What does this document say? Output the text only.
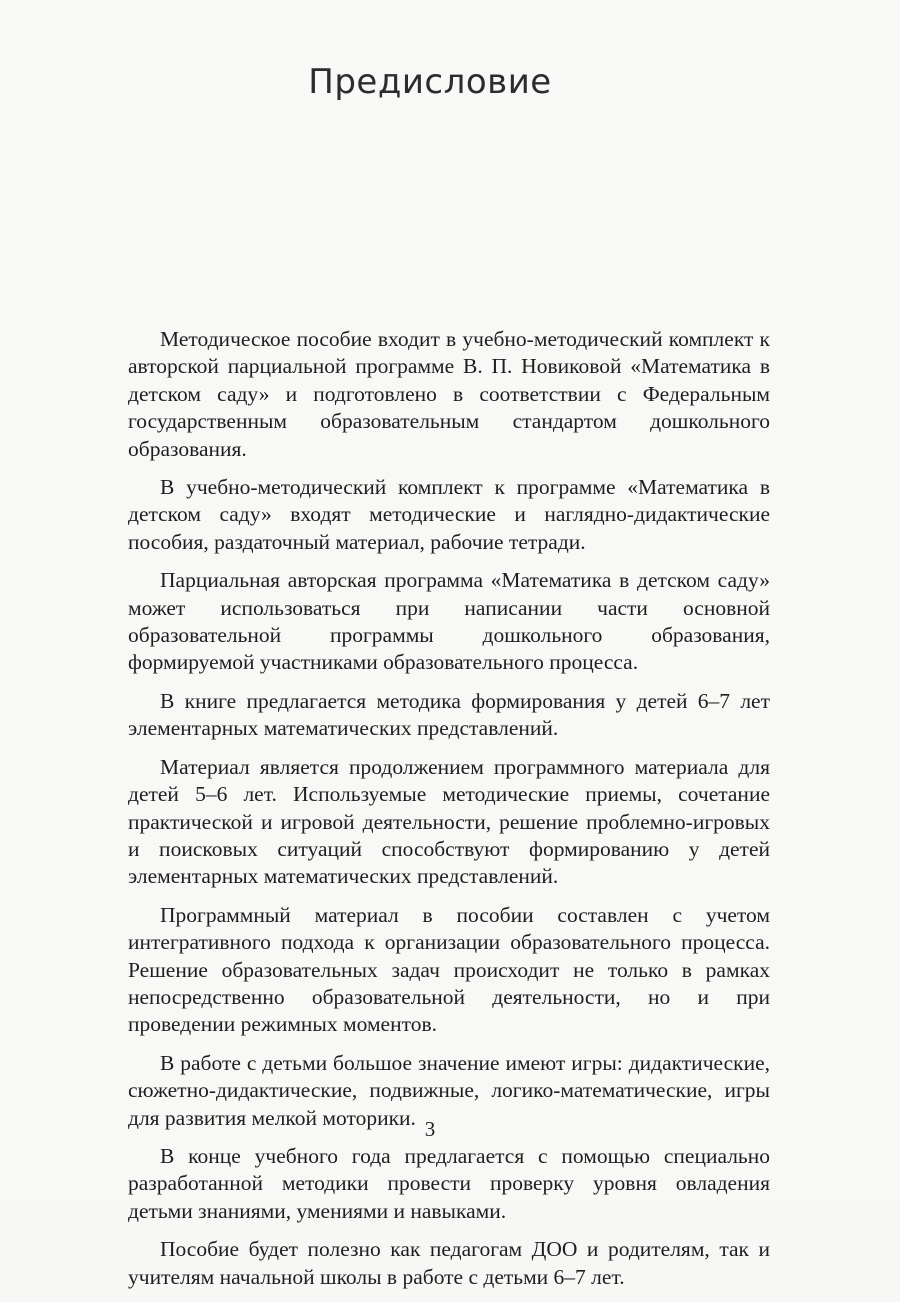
Предисловие

Методическое пособие входит в учебно-методический комплект к авторской парциальной программе В. П. Новиковой «Математика в детском саду» и подготовлено в соответствии с Федеральным государственным образовательным стандартом дошкольного образования.

В учебно-методический комплект к программе «Математика в детском саду» входят методические и наглядно-дидактические пособия, раздаточный материал, рабочие тетради.

Парциальная авторская программа «Математика в детском саду» может использоваться при написании части основной образовательной программы дошкольного образования, формируемой участниками образовательного процесса.

В книге предлагается методика формирования у детей 6–7 лет элементарных математических представлений.

Материал является продолжением программного материала для детей 5–6 лет. Используемые методические приемы, сочетание практической и игровой деятельности, решение проблемно-игровых и поисковых ситуаций способствуют формированию у детей элементарных математических представлений.

Программный материал в пособии составлен с учетом интегративного подхода к организации образовательного процесса. Решение образовательных задач происходит не только в рамках непосредственно образовательной деятельности, но и при проведении режимных моментов.

В работе с детьми большое значение имеют игры: дидактические, сюжетно-дидактические, подвижные, логико-математические, игры для развития мелкой моторики.

В конце учебного года предлагается с помощью специально разработанной методики провести проверку уровня овладения детьми знаниями, умениями и навыками.

Пособие будет полезно как педагогам ДОО и родителям, так и учителям начальной школы в работе с детьми 6–7 лет.

3
